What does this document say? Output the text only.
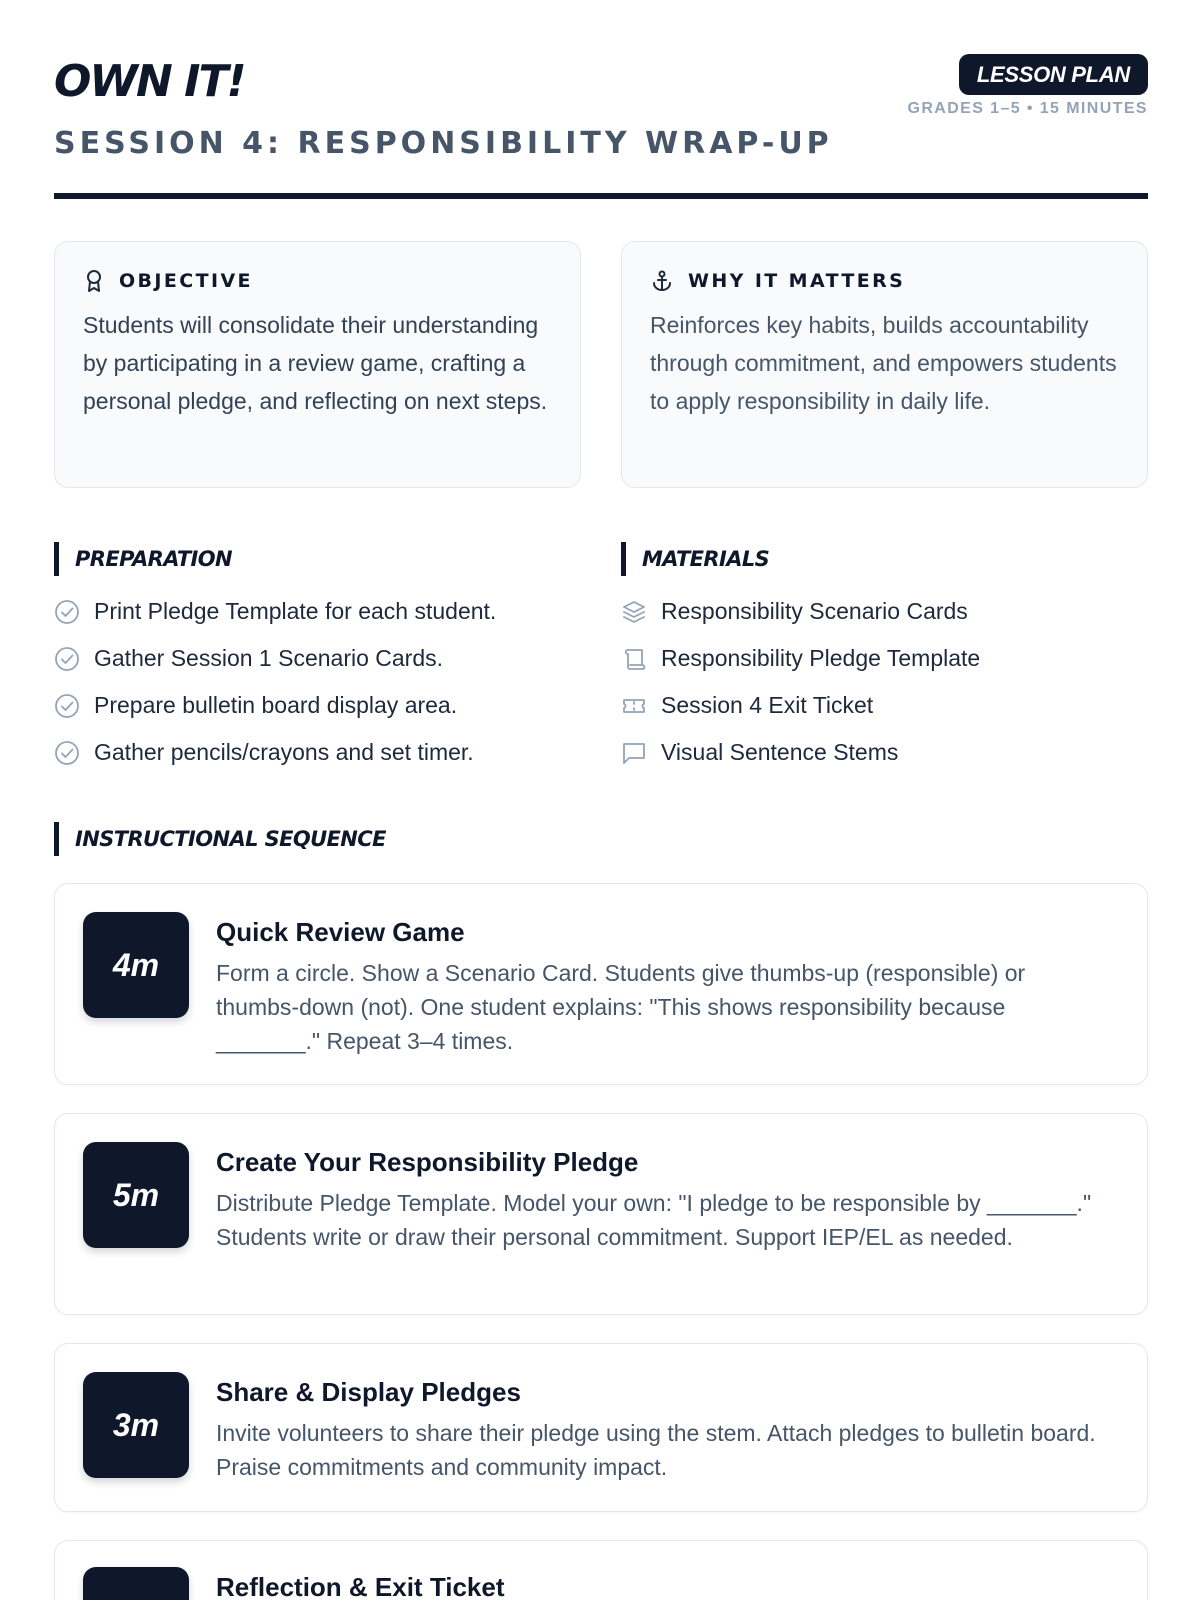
OWN IT!
SESSION 4: RESPONSIBILITY WRAP-UP
LESSON PLAN
GRADES 1–5 • 15 MINUTES
OBJECTIVE

Students will consolidate their understanding by participating in a review game, crafting a personal pledge, and reflecting on next steps.

WHY IT MATTERS

Reinforces key habits, builds accountability through commitment, and empowers students to apply responsibility in daily life.

PREPARATION
Print Pledge Template for each student.
Gather Session 1 Scenario Cards.
Prepare bulletin board display area.
Gather pencils/crayons and set timer.
MATERIALS
Responsibility Scenario Cards
Responsibility Pledge Template
Session 4 Exit Ticket
Visual Sentence Stems
INSTRUCTIONAL SEQUENCE
4m
Quick Review Game
Form a circle. Show a Scenario Card. Students give thumbs-up (responsible) or thumbs-down (not). One student explains: "This shows responsibility because _______." Repeat 3–4 times.
5m
Create Your Responsibility Pledge
Distribute Pledge Template. Model your own: "I pledge to be responsible by _______." Students write or draw their personal commitment. Support IEP/EL as needed.
3m
Share & Display Pledges
Invite volunteers to share their pledge using the stem. Attach pledges to bulletin board. Praise commitments and community impact.
Reflection & Exit Ticket
